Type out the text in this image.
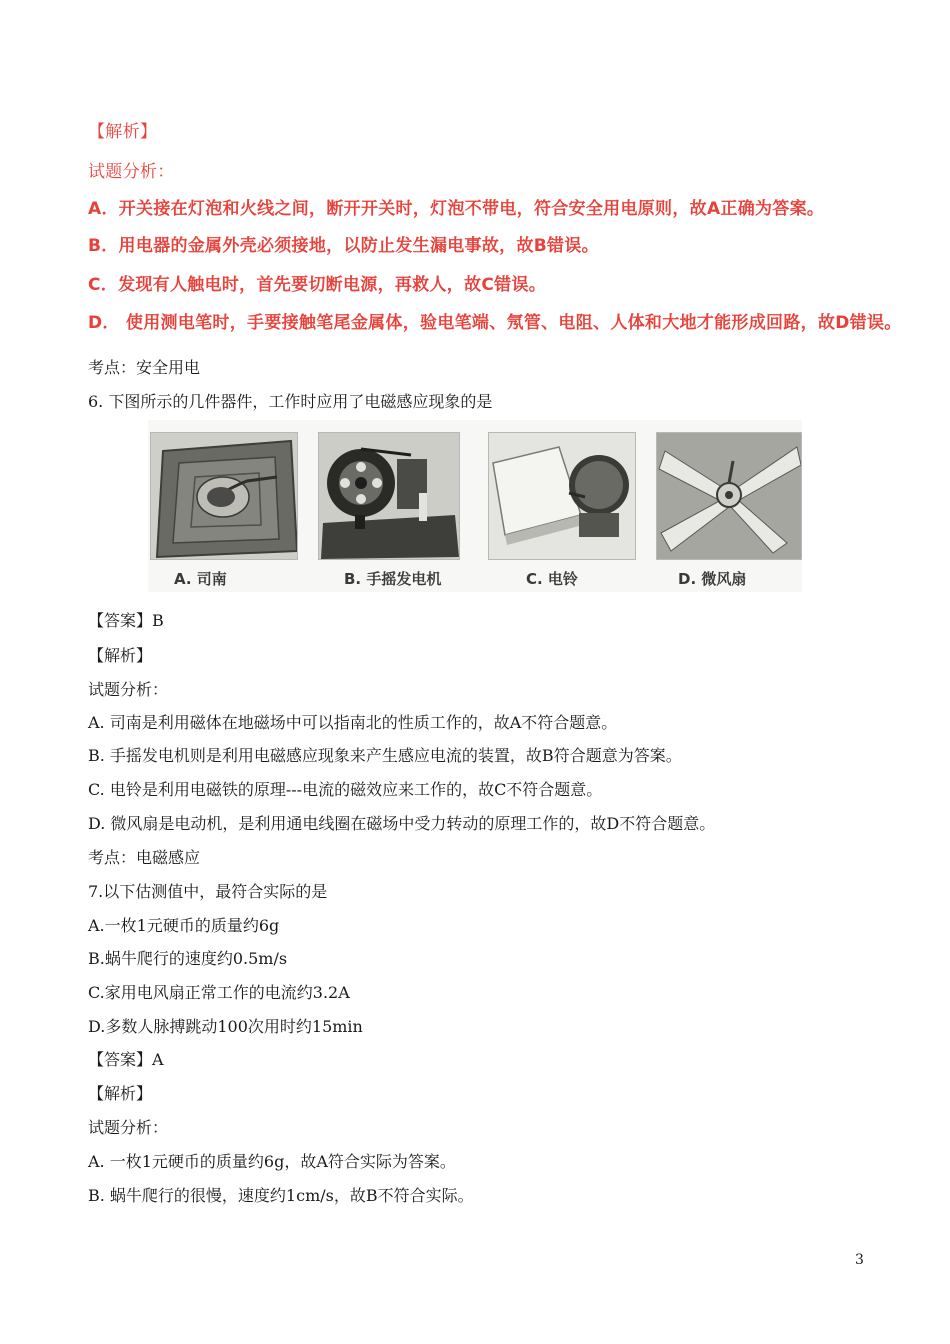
【解析】
试题分析：
A．开关接在灯泡和火线之间，断开开关时，灯泡不带电，符合安全用电原则，故A正确为答案。
B．用电器的金属外壳必须接地，以防止发生漏电事故，故B错误。
C．发现有人触电时，首先要切断电源，再救人，故C错误。
D． 使用测电笔时，手要接触笔尾金属体，验电笔端、氖管、电阻、人体和大地才能形成回路，故D错误。
考点：安全用电
6. 下图所示的几件器件，工作时应用了电磁感应现象的是
A. 司南	B. 手摇发电机	C. 电铃	D. 微风扇
【答案】B
【解析】
试题分析：
A. 司南是利用磁体在地磁场中可以指南北的性质工作的，故A不符合题意。
B. 手摇发电机则是利用电磁感应现象来产生感应电流的装置，故B符合题意为答案。
C. 电铃是利用电磁铁的原理---电流的磁效应来工作的，故C不符合题意。
D. 微风扇是电动机，是利用通电线圈在磁场中受力转动的原理工作的，故D不符合题意。
考点：电磁感应
7.以下估测值中，最符合实际的是
A.一枚1元硬币的质量约6g
B.蜗牛爬行的速度约0.5m/s
C.家用电风扇正常工作的电流约3.2A
D.多数人脉搏跳动100次用时约15min
【答案】A
【解析】
试题分析：
A. 一枚1元硬币的质量约6g，故A符合实际为答案。
B. 蜗牛爬行的很慢，速度约1cm/s，故B不符合实际。
3
